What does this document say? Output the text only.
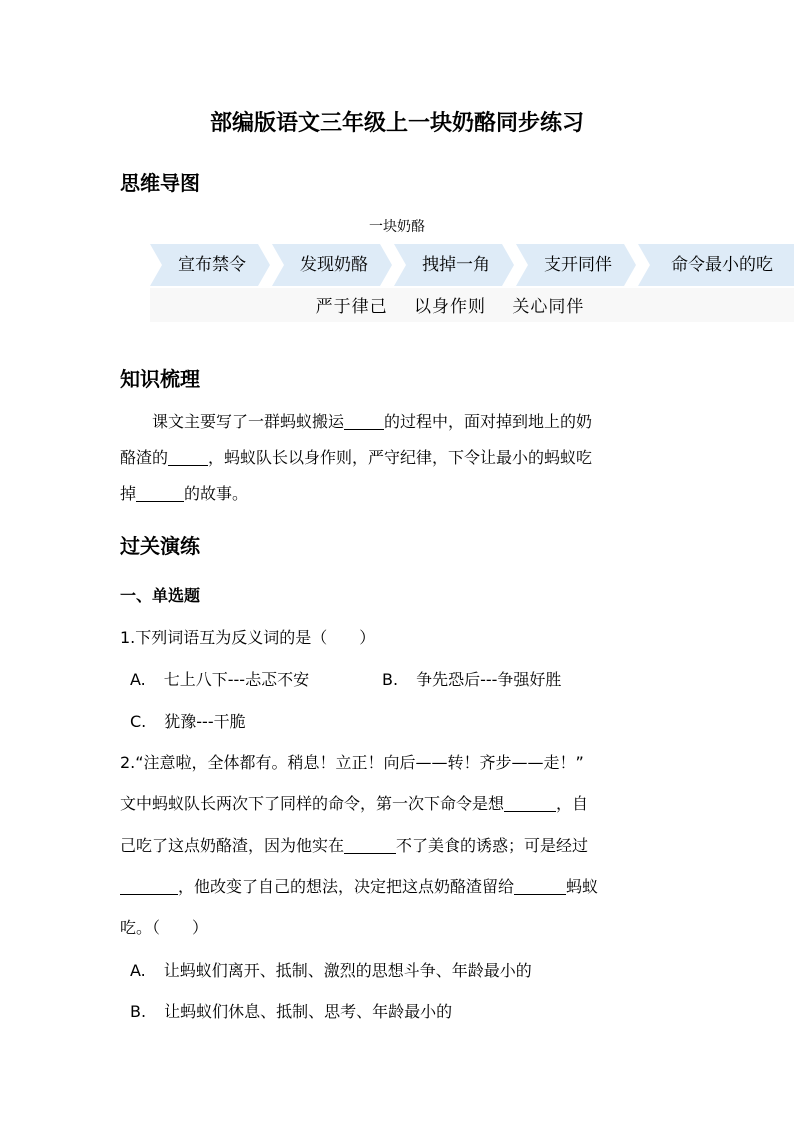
部编版语文三年级上一块奶酪同步练习
思维导图
一块奶酪
宣布禁令	发现奶酪	拽掉一角	支开同伴	命令最小的吃
严于律己 以身作则 关心同伴
知识梳理
课文主要写了一群蚂蚁搬运	的过程中，面对掉到地上的奶
酪渣的	，蚂蚁队长以身作则，严守纪律，下令让最小的蚂蚁吃
掉	的故事。
过关演练
一、单选题
1.下列词语互为反义词的是（　　）
A. 七上八下---忐忑不安	B. 争先恐后---争强好胜
C. 犹豫---干脆
2.“注意啦，全体都有。稍息！立正！向后——转！齐步——走！”
文中蚂蚁队长两次下了同样的命令，第一次下命令是想	，自
己吃了这点奶酪渣，因为他实在	不了美食的诱惑；可是经过
，他改变了自己的想法，决定把这点奶酪渣留给	蚂蚁
吃。（　　）
A. 让蚂蚁们离开、抵制、激烈的思想斗争、年龄最小的
B. 让蚂蚁们休息、抵制、思考、年龄最小的
